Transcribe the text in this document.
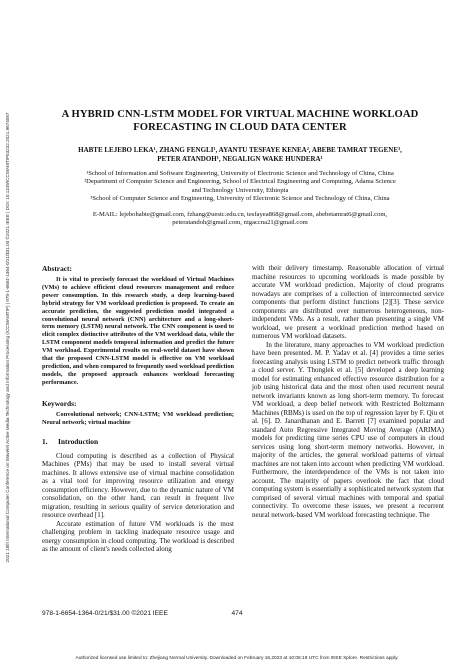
2021 18th International Computer Conference on Wavelet Active Media Technology and Information Processing (ICCWAMTIP) | 978-1-6654-1364-0/21/$31.00 ©2021 IEEE | DOI: 10.1109/ICCWAMTIP53232.2021.9674067	A HYBRID CNN-LSTM MODEL FOR VIRTUAL MACHINE WORKLOAD
FORECASTING IN CLOUD DATA CENTER
HABTE LEJEBO LEKA¹, ZHANG FENGLI¹, AYANTU TESFAYE KENEA², ABEBE TAMRAT TEGENE³,
PETER ATANDOH¹, NEGALIGN WAKE HUNDERA¹
¹School of Information and Software Engineering, University of Electronic Science and Technology of China, China
²Department of Computer Science and Engineering, School of Electrical Engineering and Computing, Adama Science
and Technology University, Ethiopia
³School of Computer Science and Engineering, University of Electronic Science and Technology of China, China
E-MAIL: lejebohabte@gmail.com, fzhang@uestc.edu.cn, tesfayea868@gmail.com, abebetamrat6@gmail.com,
peteratandoh@gmail.com, nigaccna21@gmail.com
Abstract:

It is vital to precisely forecast the workload of Virtual Machines (VMs) to achieve efficient cloud resources management and reduce power consumption. In this research study, a deep learning-based hybrid strategy for VM workload prediction is proposed. To create an accurate prediction, the suggested prediction model integrated a convolutional neural network (CNN) architecture and a long-short-term memory (LSTM) neural network. The CNN component is used to elicit complex distinctive attributes of the VM workload data, while the LSTM component models temporal information and predict the future VM workload. Experimental results on real-world dataset have shown that the proposed CNN-LSTM model is effective on VM workload prediction, and when compared to frequently used workload prediction models, the proposed approach enhances workload forecasting performance.

Keywords:

Convolutional network; CNN-LSTM; VM workload prediction; Neural network; virtual machine

1. Introduction

Cloud computing is described as a collection of Physical Machines (PMs) that may be used to install several virtual machines. It allows extensive use of virtual machine consolidation as a vital tool for improving resource utilization and energy consumption efficiency. However, due to the dynamic nature of VM consolidation, on the other hand, can result in frequent live migration, resulting in serious quality of service deterioration and resource overhead [1].

Accurate estimation of future VM workloads is the most challenging problem in tackling inadequate resource usage and energy consumption in cloud computing. The workload is described as the amount of client's needs collected along

with their delivery timestamp. Reasonable allocation of virtual machine resources to upcoming workloads is made possible by accurate VM workload prediction. Majority of cloud programs nowadays are comprises of a collection of interconnected service components that perform distinct functions [2][3]. These service components are distributed over numerous heterogeneous, non-independent VMs. As a result, rather than presenting a single VM workload, we present a workload prediction method based on numerous VM workload datasets.

In the literature, many approaches to VM workload prediction have been presented. M. P. Yadav et al. [4] provides a time series forecasting analysis using LSTM to predict network traffic through a cloud server. Y. Thonglek et al. [5] developed a deep learning model for estimating enhanced effective resource distribution for a job using historical data and the most often used recurrent neural network invariants known as long short-term memory. To forecast VM workload, a deep belief network with Restricted Boltzmann Machines (RBMs) is used on the top of regression layer by F. Qiu et al. [6]. D. Janardhanan and E. Barrett [7] examined popular and standard Auto Regressive Integrated Moving Average (ARIMA) models for predicting time series CPU use of computers in cloud services using long short-term memory networks. However, in majority of the articles, the general workload patterns of virtual machines are not taken into account when predicting VM workload. Furthermore, the interdependence of the VMs is not taken into account. The majority of papers overlook the fact that cloud computing system is essentially a sophisticated network system that comprised of several virtual machines with temporal and spatial connectivity. To overcome these issues, we present a recurrent neural network-based VM workload forecasting technique. The

978-1-6654-1364-0/21/$31.00 ©2021 IEEE	474
Authorized licensed use limited to: Zhejiang Normal University. Downloaded on February 16,2023 at 10:06:19 UTC from IEEE Xplore. Restrictions apply.
